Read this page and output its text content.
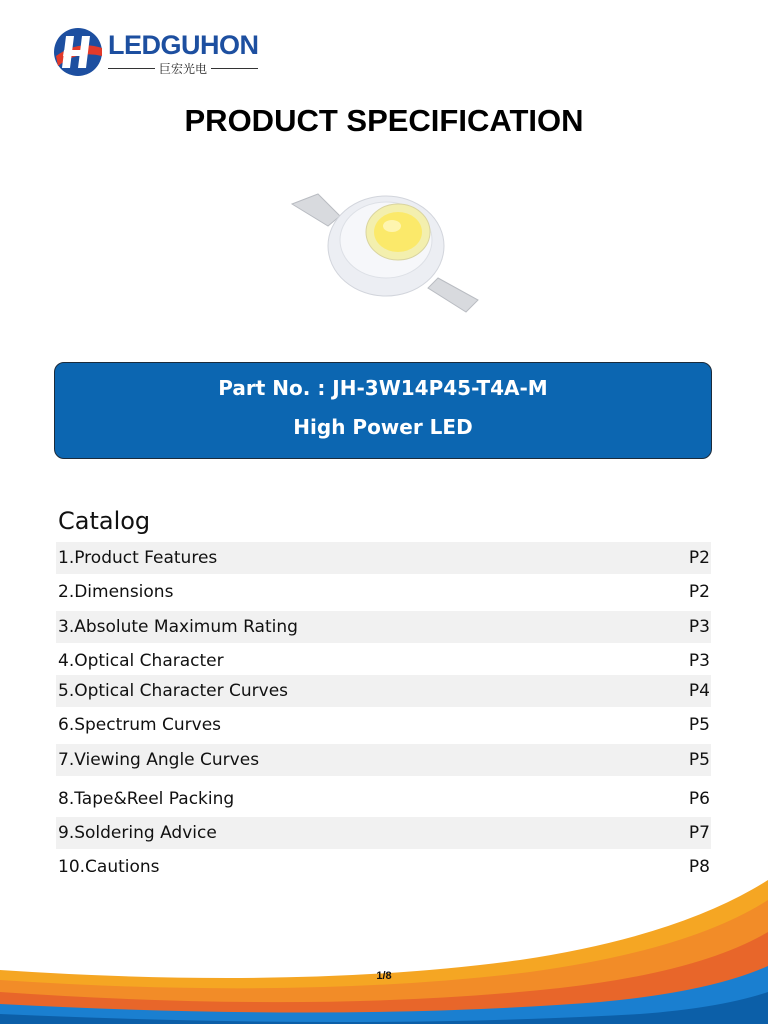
LEDGUHON
巨宏光电
PRODUCT SPECIFICATION
Part No. : JH-3W14P45-T4A-M
High Power LED
Catalog
1.Product Features	P2
2.Dimensions	P2
3.Absolute Maximum Rating	P3
4.Optical Character	P3
5.Optical Character Curves	P4
6.Spectrum Curves	P5
7.Viewing Angle Curves	P5
8.Tape&Reel Packing	P6
9.Soldering Advice	P7
10.Cautions	P8
1/8
